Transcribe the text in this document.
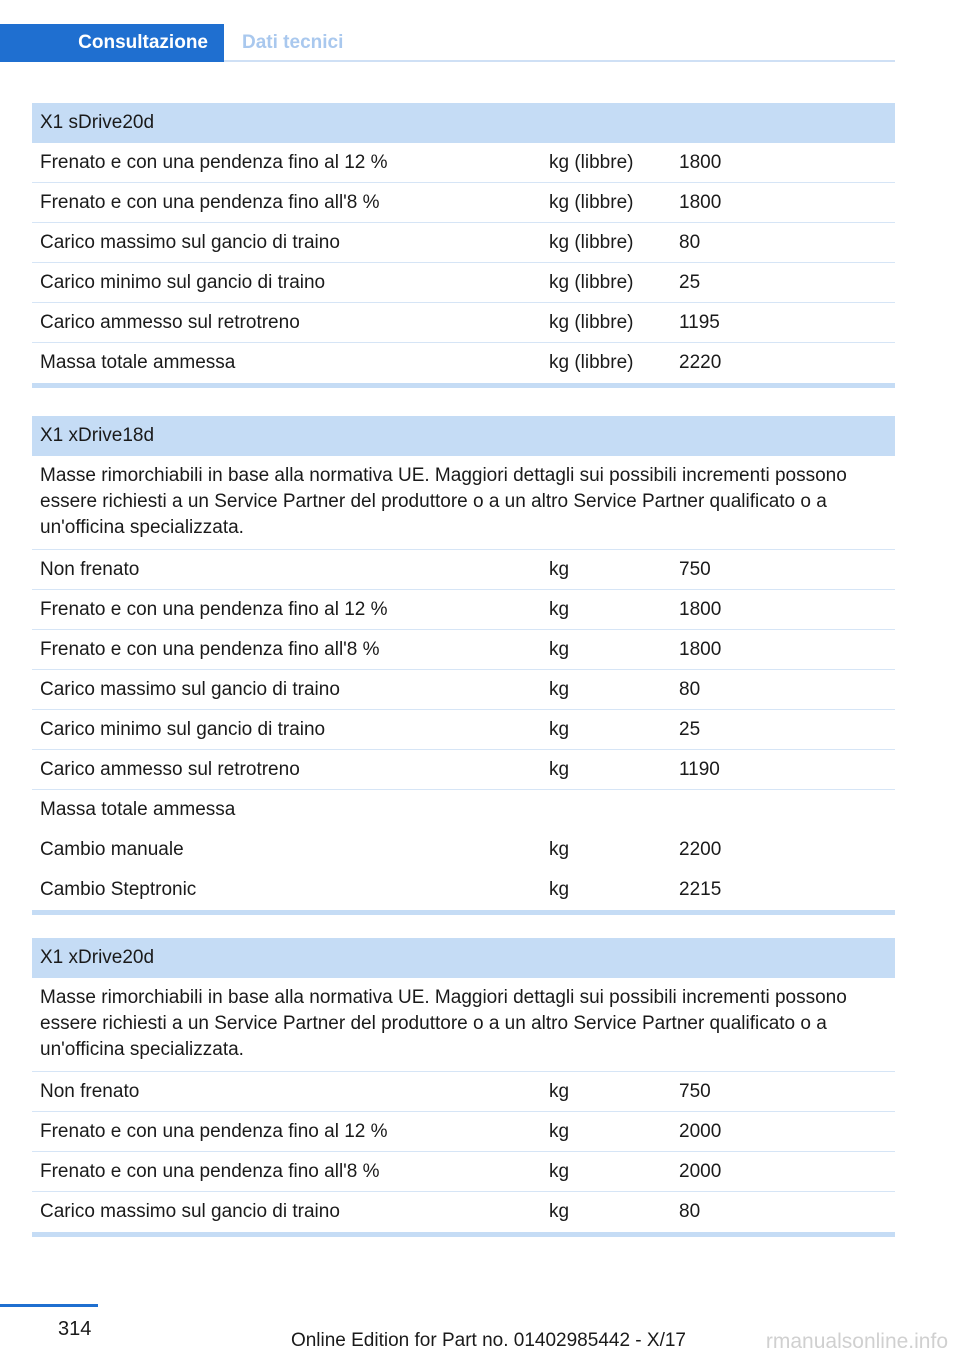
Consultazione	Dati tecnici
X1 sDrive20d
Frenato e con una pendenza fino al 12 %	kg (libbre)	1800
Frenato e con una pendenza fino all'8 %	kg (libbre)	1800
Carico massimo sul gancio di traino	kg (libbre)	80
Carico minimo sul gancio di traino	kg (libbre)	25
Carico ammesso sul retrotreno	kg (libbre)	1195
Massa totale ammessa	kg (libbre)	2220
X1 xDrive18d
Masse rimorchiabili in base alla normativa UE. Maggiori dettagli sui possibili incrementi possono essere richiesti a un Service Partner del produttore o a un altro Service Partner qualificato o a un'officina specializzata.
Non frenato	kg	750
Frenato e con una pendenza fino al 12 %	kg	1800
Frenato e con una pendenza fino all'8 %	kg	1800
Carico massimo sul gancio di traino	kg	80
Carico minimo sul gancio di traino	kg	25
Carico ammesso sul retrotreno	kg	1190
Massa totale ammessa
Cambio manuale	kg	2200
Cambio Steptronic	kg	2215
X1 xDrive20d
Masse rimorchiabili in base alla normativa UE. Maggiori dettagli sui possibili incrementi possono essere richiesti a un Service Partner del produttore o a un altro Service Partner qualificato o a un'officina specializzata.
Non frenato	kg	750
Frenato e con una pendenza fino al 12 %	kg	2000
Frenato e con una pendenza fino all'8 %	kg	2000
Carico massimo sul gancio di traino	kg	80
314
Online Edition for Part no. 01402985442 - X/17	rmanualsonline.info
